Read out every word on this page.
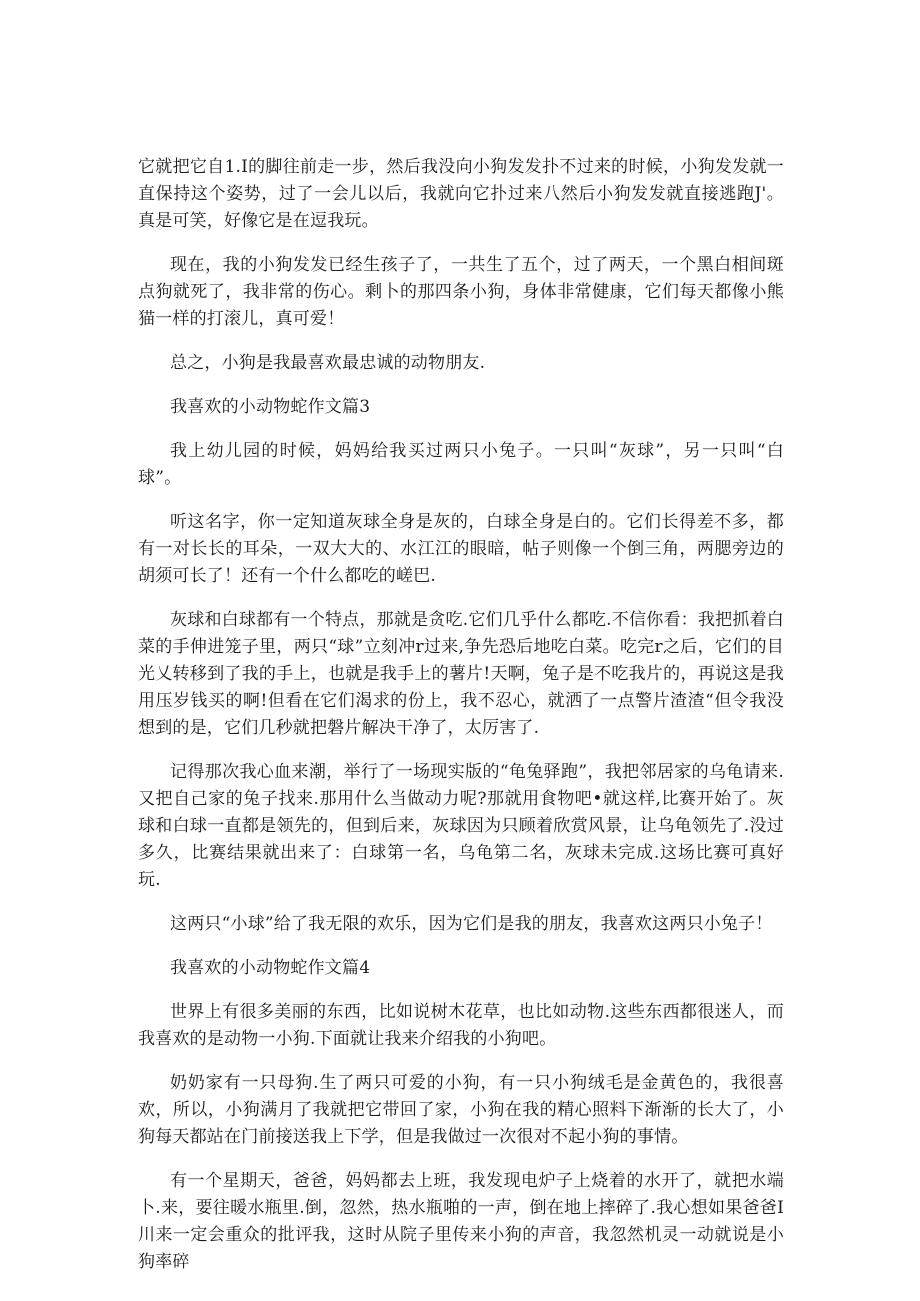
它就把它自1.I的脚往前走一步，然后我没向小狗发发扑不过来的时候，小狗发发就一直保持这个姿势，过了一会儿以后，我就向它扑过来八然后小狗发发就直接逃跑J'。真是可笑，好像它是在逗我玩。

现在，我的小狗发发已经生孩子了，一共生了五个，过了两天，一个黑白相间斑点狗就死了，我非常的伤心。剩卜的那四条小狗，身体非常健康，它们每天都像小熊猫一样的打滚儿，真可爱！

总之，小狗是我最喜欢最忠诚的动物朋友.

我喜欢的小动物蛇作文篇3

我上幼儿园的时候，妈妈给我买过两只小兔子。一只叫“灰球”，另一只叫“白球”。

听这名字，你一定知道灰球全身是灰的，白球全身是白的。它们长得差不多，都有一对长长的耳朵，一双大大的、水江江的眼暗，帖子则像一个倒三角，两腮旁边的胡须可长了！还有一个什么都吃的嵯巴.

灰球和白球都有一个特点，那就是贪吃.它们几乎什么都吃.不信你看：我把抓着白菜的手伸进笼子里，两只“球”立刻冲r过来,争先恐后地吃白菜。吃完r之后，它们的目光乂转移到了我的手上，也就是我手上的薯片!天啊，兔子是不吃我片的，再说这是我用压岁钱买的啊!但看在它们渴求的份上，我不忍心，就洒了一点警片渣渣“但令我没想到的是，它们几秒就把磐片解决干净了，太厉害了.

记得那次我心血来潮，举行了一场现实版的“龟兔驿跑”，我把邻居家的乌龟请来.又把自己家的兔子找来.那用什么当做动力呢?那就用食物吧•就这样,比赛开始了。灰球和白球一直都是领先的，但到后来，灰球因为只顾着欣赏风景，让乌龟领先了.没过多久，比赛结果就出来了：白球第一名，乌龟第二名，灰球未完成.这场比赛可真好玩.

这两只“小球”给了我无限的欢乐，因为它们是我的朋友，我喜欢这两只小兔子！

我喜欢的小动物蛇作文篇4

世界上有很多美丽的东西，比如说树木花草，也比如动物.这些东西都很迷人，而我喜欢的是动物一小狗.下面就让我来介绍我的小狗吧。

奶奶家有一只母狗.生了两只可爱的小狗，有一只小狗绒毛是金黄色的，我很喜欢，所以，小狗满月了我就把它带回了家，小狗在我的精心照料下渐渐的长大了，小狗每天都站在门前接送我上下学，但是我做过一次很对不起小狗的事情。

有一个星期天，爸爸，妈妈都去上班，我发现电炉子上烧着的水开了，就把水端卜.来，要往暖水瓶里.倒，忽然，热水瓶啪的一声，倒在地上摔碎了.我心想如果爸爸I川来一定会重众的批评我，这时从院子里传来小狗的声音，我忽然机灵一动就说是小狗率碎
